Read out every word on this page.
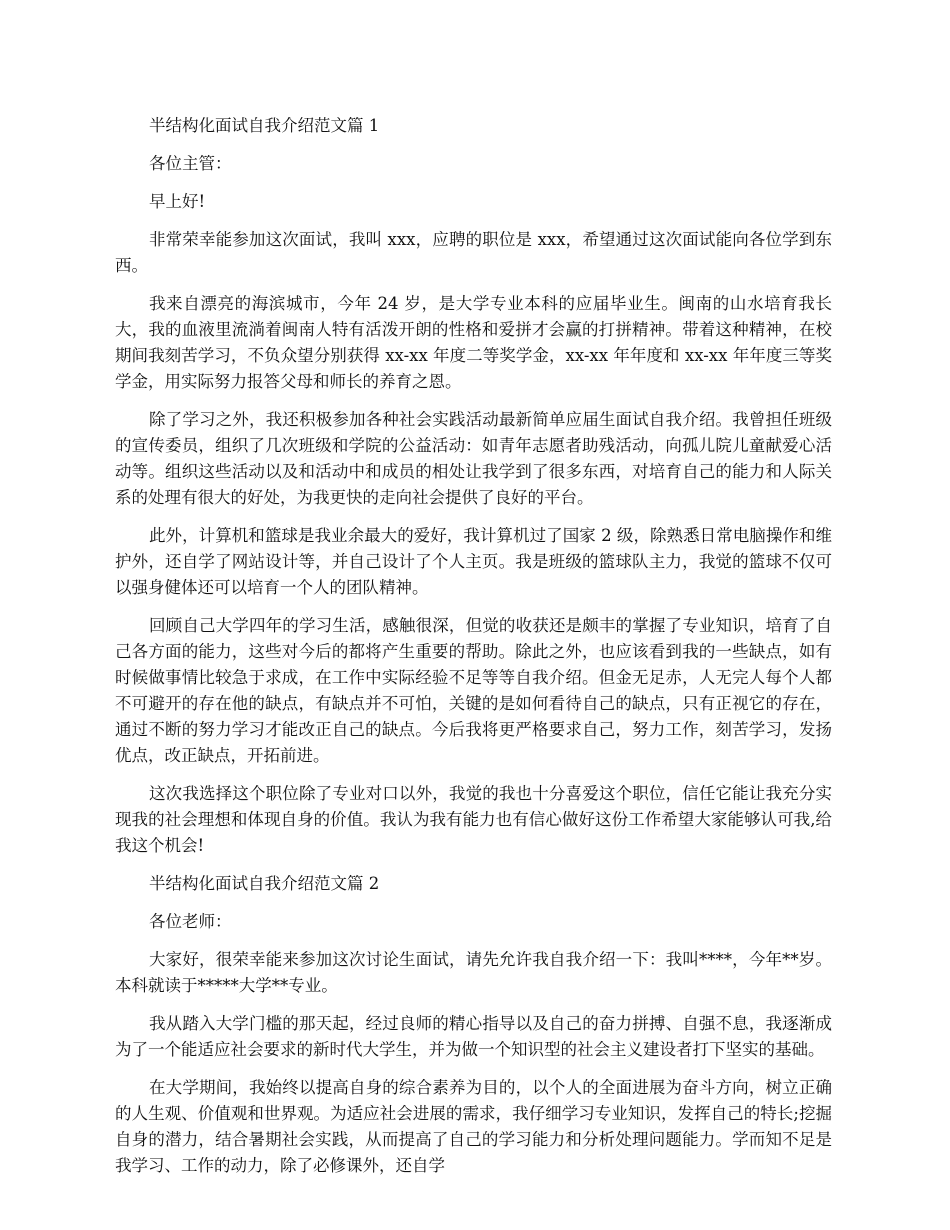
半结构化面试自我介绍范文篇 1

各位主管：

早上好!

非常荣幸能参加这次面试，我叫 xxx，应聘的职位是 xxx，希望通过这次面试能向各位学到东西。

我来自漂亮的海滨城市，今年 24 岁，是大学专业本科的应届毕业生。闽南的山水培育我长大，我的血液里流淌着闽南人特有活泼开朗的性格和爱拼才会赢的打拼精神。带着这种精神，在校期间我刻苦学习，不负众望分别获得 xx-xx 年度二等奖学金，xx-xx 年年度和 xx-xx 年年度三等奖学金，用实际努力报答父母和师长的养育之恩。

除了学习之外，我还积极参加各种社会实践活动最新简单应届生面试自我介绍。我曾担任班级的宣传委员，组织了几次班级和学院的公益活动：如青年志愿者助残活动，向孤儿院儿童献爱心活动等。组织这些活动以及和活动中和成员的相处让我学到了很多东西，对培育自己的能力和人际关系的处理有很大的好处，为我更快的走向社会提供了良好的平台。

此外，计算机和篮球是我业余最大的爱好，我计算机过了国家 2 级，除熟悉日常电脑操作和维护外，还自学了网站设计等，并自己设计了个人主页。我是班级的篮球队主力，我觉的篮球不仅可以强身健体还可以培育一个人的团队精神。

回顾自己大学四年的学习生活，感触很深，但觉的收获还是颇丰的掌握了专业知识，培育了自己各方面的能力，这些对今后的都将产生重要的帮助。除此之外，也应该看到我的一些缺点，如有时候做事情比较急于求成，在工作中实际经验不足等等自我介绍。但金无足赤，人无完人每个人都不可避开的存在他的缺点，有缺点并不可怕，关键的是如何看待自己的缺点，只有正视它的存在，通过不断的努力学习才能改正自己的缺点。今后我将更严格要求自己，努力工作，刻苦学习，发扬优点，改正缺点，开拓前进。

这次我选择这个职位除了专业对口以外，我觉的我也十分喜爱这个职位，信任它能让我充分实现我的社会理想和体现自身的价值。我认为我有能力也有信心做好这份工作希望大家能够认可我,给我这个机会!

半结构化面试自我介绍范文篇 2

各位老师：

大家好，很荣幸能来参加这次讨论生面试，请先允许我自我介绍一下：我叫****，今年**岁。本科就读于*****大学**专业。

我从踏入大学门槛的那天起，经过良师的精心指导以及自己的奋力拼搏、自强不息，我逐渐成为了一个能适应社会要求的新时代大学生，并为做一个知识型的社会主义建设者打下坚实的基础。

在大学期间，我始终以提高自身的综合素养为目的，以个人的全面进展为奋斗方向，树立正确的人生观、价值观和世界观。为适应社会进展的需求，我仔细学习专业知识，发挥自己的特长;挖掘自身的潜力，结合暑期社会实践，从而提高了自己的学习能力和分析处理问题能力。学而知不足是我学习、工作的动力，除了必修课外，还自学
